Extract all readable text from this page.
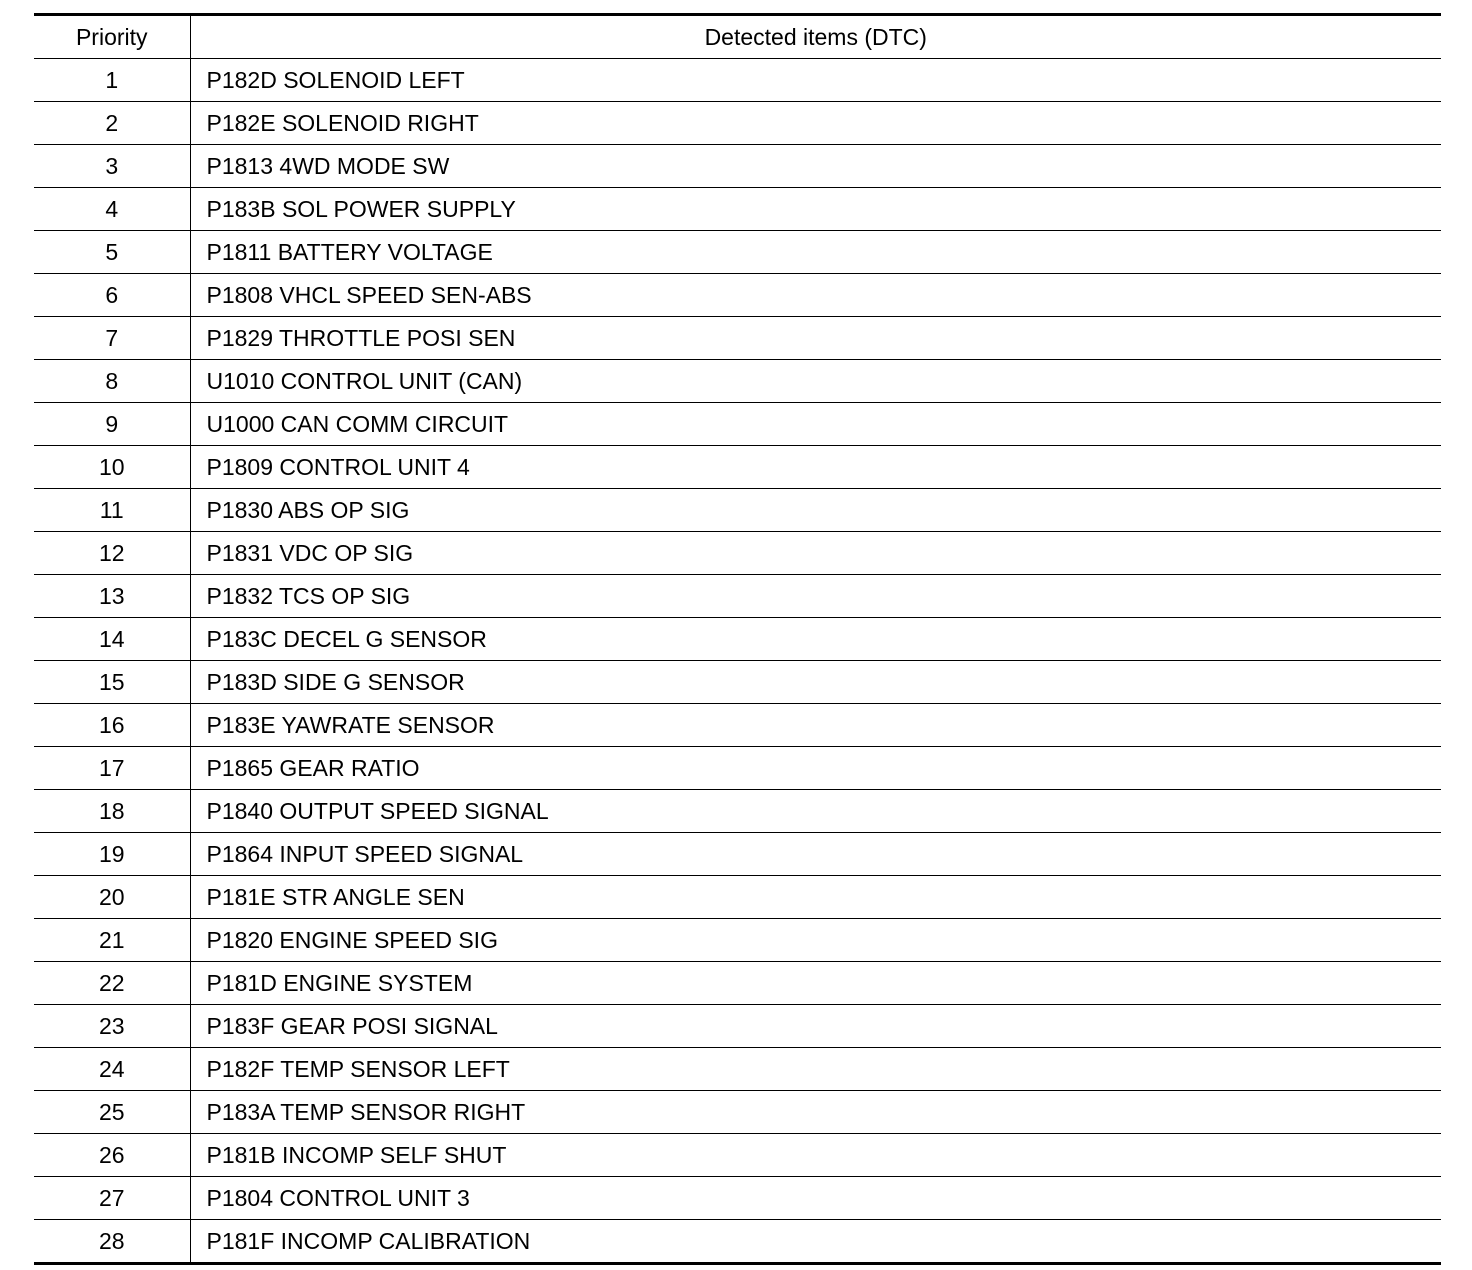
Priority	Detected items (DTC)
1	P182D SOLENOID LEFT
2	P182E SOLENOID RIGHT
3	P1813 4WD MODE SW
4	P183B SOL POWER SUPPLY
5	P1811 BATTERY VOLTAGE
6	P1808 VHCL SPEED SEN-ABS
7	P1829 THROTTLE POSI SEN
8	U1010 CONTROL UNIT (CAN)
9	U1000 CAN COMM CIRCUIT
10	P1809 CONTROL UNIT 4
11	P1830 ABS OP SIG
12	P1831 VDC OP SIG
13	P1832 TCS OP SIG
14	P183C DECEL G SENSOR
15	P183D SIDE G SENSOR
16	P183E YAWRATE SENSOR
17	P1865 GEAR RATIO
18	P1840 OUTPUT SPEED SIGNAL
19	P1864 INPUT SPEED SIGNAL
20	P181E STR ANGLE SEN
21	P1820 ENGINE SPEED SIG
22	P181D ENGINE SYSTEM
23	P183F GEAR POSI SIGNAL
24	P182F TEMP SENSOR LEFT
25	P183A TEMP SENSOR RIGHT
26	P181B INCOMP SELF SHUT
27	P1804 CONTROL UNIT 3
28	P181F INCOMP CALIBRATION
